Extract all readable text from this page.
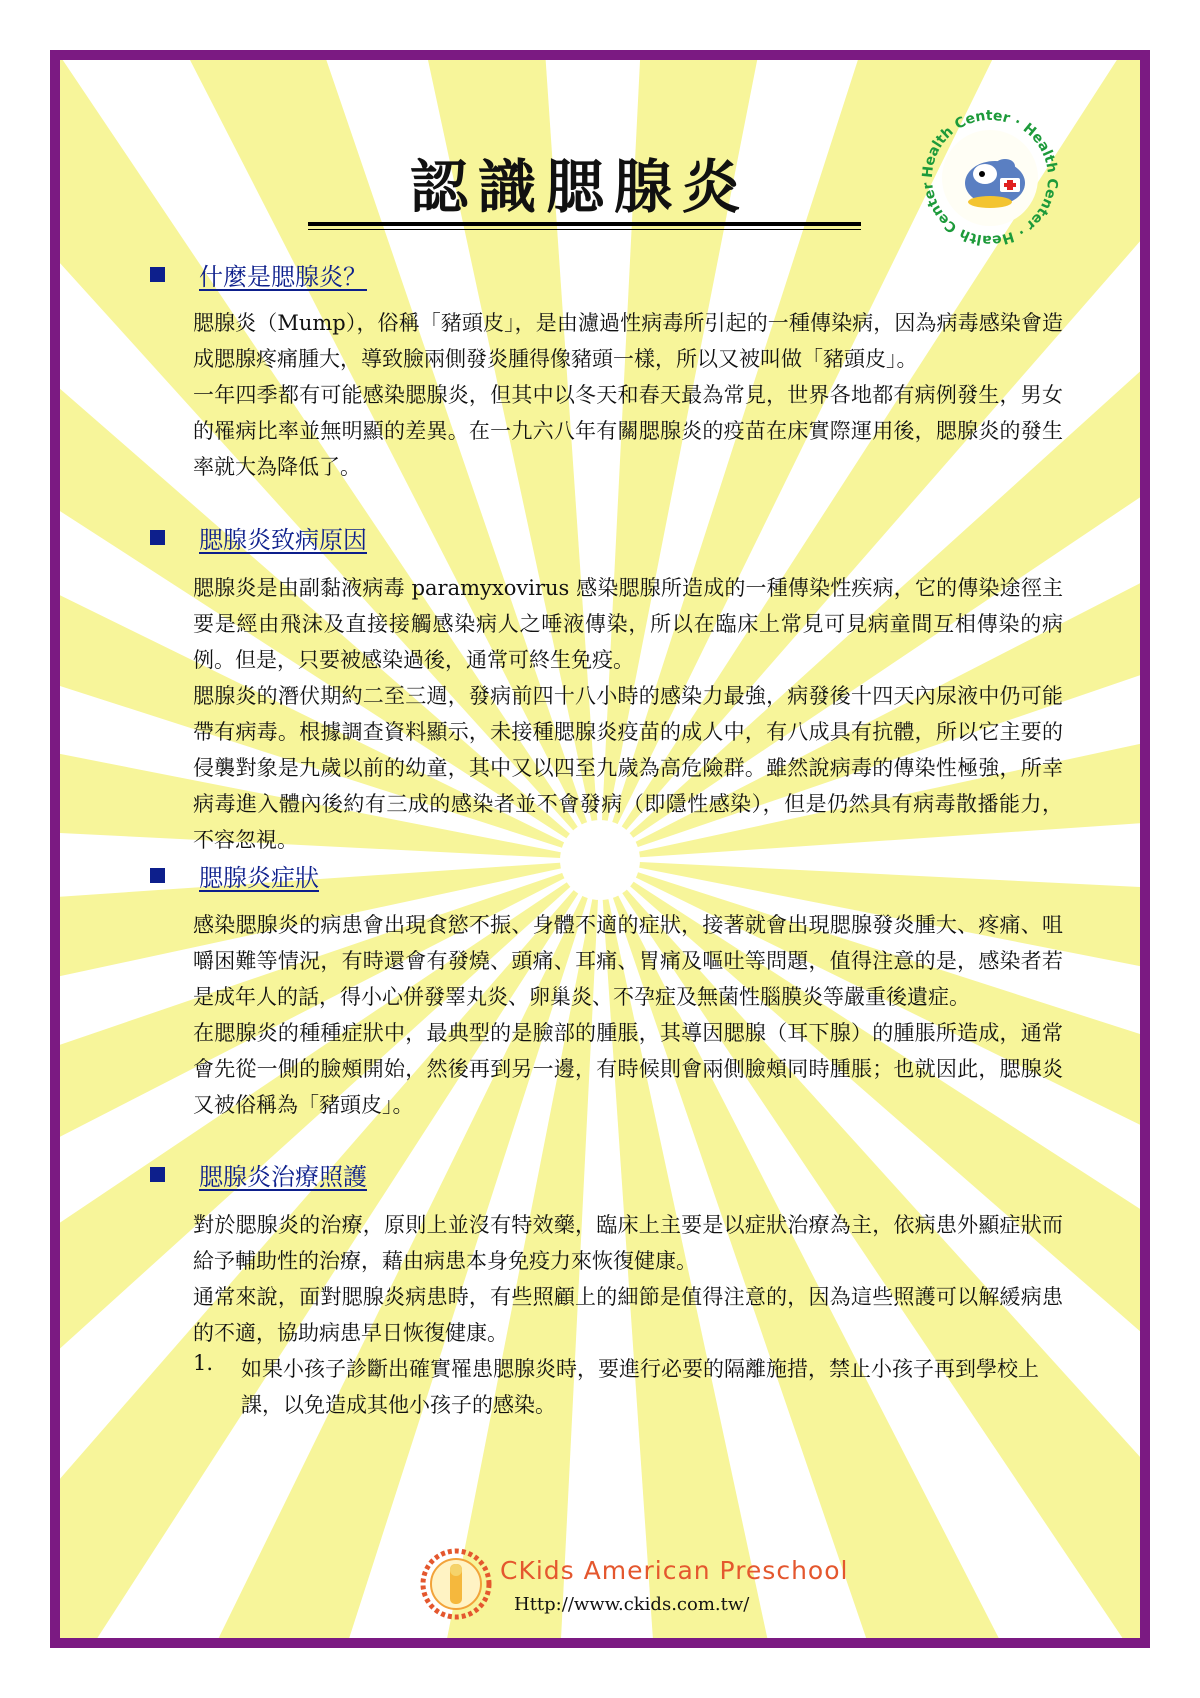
認識腮腺炎	Health Center · Health Center · Health Center
什麼是腮腺炎？

腮腺炎（Mump），俗稱「豬頭皮」，是由濾過性病毒所引起的一種傳染病，因為病毒感染會造成腮腺疼痛腫大，導致臉兩側發炎腫得像豬頭一樣，所以又被叫做「豬頭皮」。

一年四季都有可能感染腮腺炎，但其中以冬天和春天最為常見，世界各地都有病例發生，男女的罹病比率並無明顯的差異。在一九六八年有關腮腺炎的疫苗在床實際運用後，腮腺炎的發生率就大為降低了。

腮腺炎致病原因

腮腺炎是由副黏液病毒 paramyxovirus 感染腮腺所造成的一種傳染性疾病，它的傳染途徑主要是經由飛沫及直接接觸感染病人之唾液傳染，所以在臨床上常見可見病童間互相傳染的病例。但是，只要被感染過後，通常可終生免疫。

腮腺炎的潛伏期約二至三週，發病前四十八小時的感染力最強，病發後十四天內尿液中仍可能帶有病毒。根據調查資料顯示，未接種腮腺炎疫苗的成人中，有八成具有抗體，所以它主要的侵襲對象是九歲以前的幼童，其中又以四至九歲為高危險群。雖然說病毒的傳染性極強，所幸病毒進入體內後約有三成的感染者並不會發病（即隱性感染），但是仍然具有病毒散播能力，不容忽視。

腮腺炎症狀

感染腮腺炎的病患會出現食慾不振、身體不適的症狀，接著就會出現腮腺發炎腫大、疼痛、咀嚼困難等情況，有時還會有發燒、頭痛、耳痛、胃痛及嘔吐等問題，值得注意的是，感染者若是成年人的話，得小心併發睪丸炎、卵巢炎、不孕症及無菌性腦膜炎等嚴重後遺症。

在腮腺炎的種種症狀中，最典型的是臉部的腫脹，其導因腮腺（耳下腺）的腫脹所造成，通常會先從一側的臉頰開始，然後再到另一邊，有時候則會兩側臉頰同時腫脹；也就因此，腮腺炎又被俗稱為「豬頭皮」。

腮腺炎治療照護

對於腮腺炎的治療，原則上並沒有特效藥，臨床上主要是以症狀治療為主，依病患外顯症狀而給予輔助性的治療，藉由病患本身免疫力來恢復健康。

通常來說，面對腮腺炎病患時，有些照顧上的細節是值得注意的，因為這些照護可以解緩病患的不適，協助病患早日恢復健康。

1. 如果小孩子診斷出確實罹患腮腺炎時，要進行必要的隔離施措，禁止小孩子再到學校上課，以免造成其他小孩子的感染。
CKids American Preschool
Http://www.ckids.com.tw/
